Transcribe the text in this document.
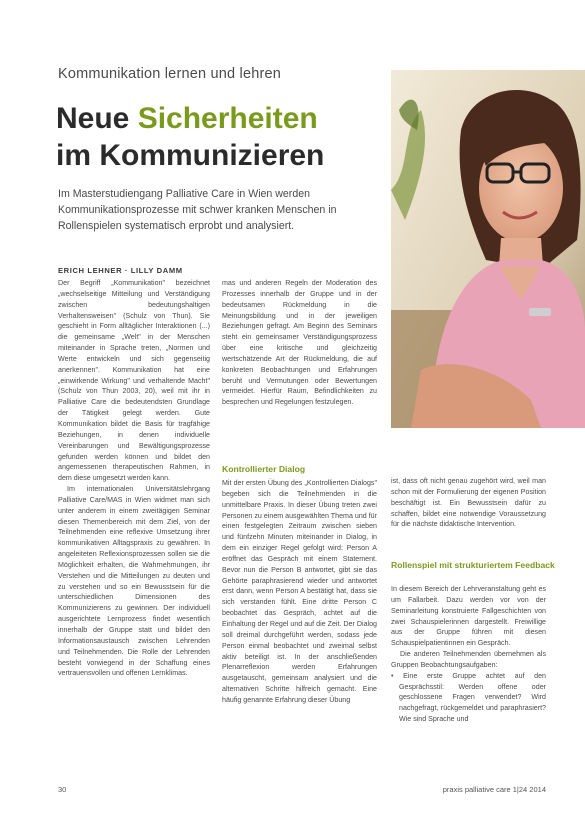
Kommunikation lernen und lehren
Neue Sicherheiten
im Kommunizieren

Im Masterstudiengang Palliative Care in Wien werden Kommunikationsprozesse mit schwer kranken Menschen in Rollenspielen systematisch erprobt und analysiert.

ERICH LEHNER · LILLY DAMM

Der Begriff „Kommunikation" bezeichnet „wechselseitige Mitteilung und Verständigung zwischen bedeutungshaltigen Verhaltensweisen" (Schulz von Thun). Sie geschieht in Form alltäglicher Interaktionen (...) die gemeinsame „Welt" in der Menschen miteinander in Sprache treten, „Normen und Werte entwickeln und sich gegenseitig anerkennen". Kommunikation hat eine „einwirkende Wirkung" und verhaltende Macht" (Schulz von Thun 2003, 20), weil mit ihr in Palliative Care die bedeutendsten Grundlage der Tätigkeit gelegt werden. Gute Kommunikation bildet die Basis für tragfähige Beziehungen, in denen individuelle Vereinbarungen und Bewältigungsprozesse gefunden werden können und bildet den angemessenen therapeutischen Rahmen, in dem diese umgesetzt werden kann.

Im internationalen Universitätslehrgang Palliative Care/MAS in Wien widmet man sich unter anderem in einem zweitägigen Seminar diesen Themenbereich mit dem Ziel, von der Teilnehmenden eine reflexive Umsetzung ihrer kommunikativen Alltagspraxis zu gewähren. In angeleiteten Reflexionsprozessen sollen sie die Möglichkeit erhalten, die Wahrnehmungen, ihr Verstehen und die Mitteilungen zu deuten und zu verstehen und so ein Bewusstsein für die unterschiedlichen Dimensionen des Kommunizierens zu gewinnen. Der individuell ausgerichtete Lernprozess findet wesentlich innerhalb der Gruppe statt und bildet den Informationsaustausch zwischen Lehrenden und Teilnehmenden. Die Rolle der Lehrenden besteht vorwiegend in der Schaffung eines vertrauensvollen und offenen Lernklimas.

mas und anderen Regeln der Moderation des Prozesses innerhalb der Gruppe und in der bedeutsamen Rückmeldung in die Meinungsbildung und in der jeweiligen Beziehungen gefragt. Am Beginn des Seminars steht ein gemeinsamer Verständigungsprozess über eine kritische und gleichzeitig wertschätzende Art der Rückmeldung, die auf konkreten Beobachtungen und Erfahrungen beruht und Vermutungen oder Bewertungen vermeidet. Hierfür Raum, Befindlichkeiten zu besprechen und Regelungen festzulegen.

Kontrollierter Dialog

Mit der ersten Übung des „Kontrollierten Dialogs" begeben sich die Teilnehmenden in die unmittelbare Praxis. In dieser Übung treten zwei Personen zu einem ausgewählten Thema und für einen festgelegten Zeitraum zwischen sieben und fünfzehn Minuten miteinander in Dialog, in dem ein einziger Regel gefolgt wird: Person A eröffnet das Gespräch mit einem Statement. Bevor nun die Person B antwortet, gibt sie das Gehörte paraphrasierend wieder und antwortet erst dann, wenn Person A bestätigt hat, dass sie sich verstanden fühlt. Eine dritte Person C beobachtet das Gespräch, achtet auf die Einhaltung der Regel und auf die Zeit. Der Dialog soll dreimal durchgeführt werden, sodass jede Person einmal beobachtet und zweimal selbst aktiv beteiligt ist. In der anschließenden Plenarreflexion werden Erfahrungen ausgetauscht, gemeinsam analysiert und die alternativen Schritte hilfreich gemacht. Eine häufig genannte Erfahrung dieser Übung

ist, dass oft nicht genau zugehört wird, weil man schon mit der Formulierung der eigenen Position beschäftigt ist. Ein Bewusstsein dafür zu schaffen, bildet eine notwendige Voraussetzung für die nächste didaktische Intervention.

Rollenspiel mit strukturiertem Feedback

In diesem Bereich der Lehrveranstaltung geht es um Fallarbeit. Dazu werden vor von der Seminarleitung konstruierte Fallgeschichten von zwei Schauspielerinnen dargestellt. Freiwillige aus der Gruppe führen mit diesen Schauspielpatientinnen ein Gespräch.

Die anderen Teilnehmenden übernehmen als Gruppen Beobachtungsaufgaben:

• Eine erste Gruppe achtet auf den Gesprächsstil: Werden offene oder geschlossene Fragen verwendet? Wird nachgefragt, rückgemeldet und paraphrasiert? Wie sind Sprache und
30	praxis palliative care 1|24 2014
